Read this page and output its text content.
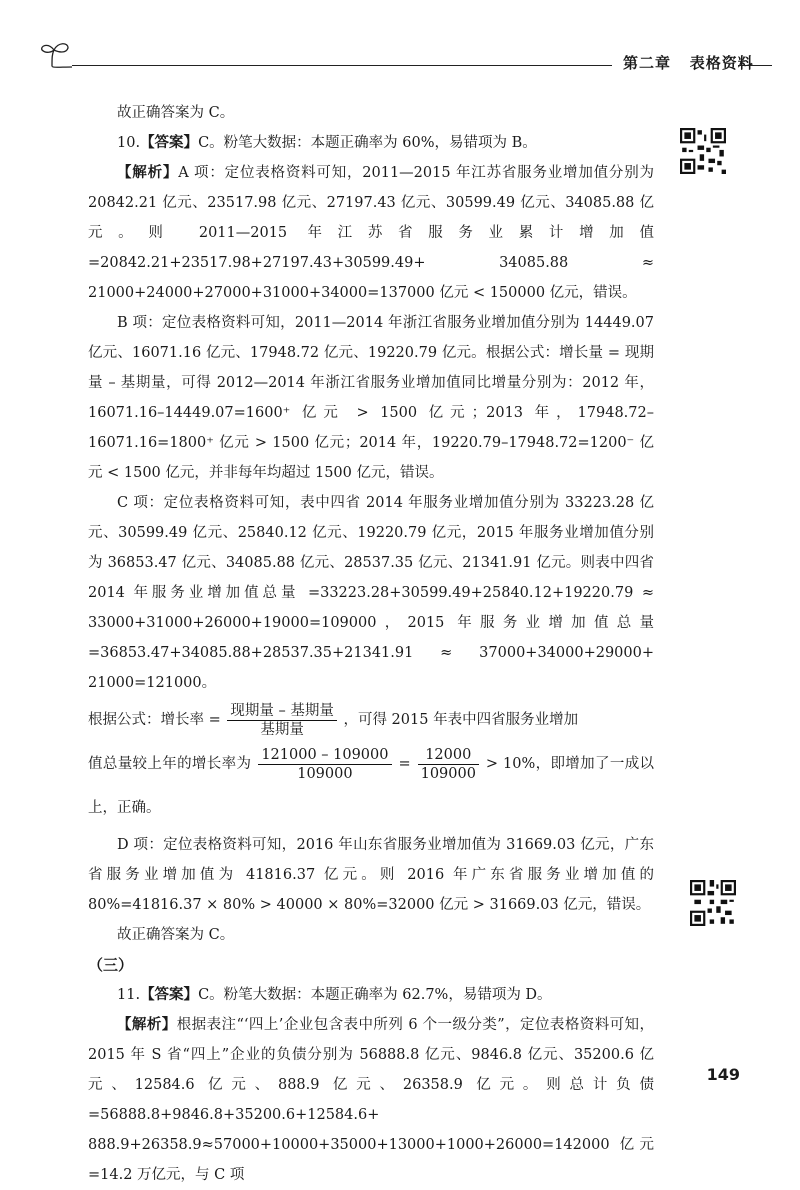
第二章 表格资料

故正确答案为 C。

10.【答案】C。粉笔大数据：本题正确率为 60%，易错项为 B。

【解析】A 项：定位表格资料可知，2011—2015 年江苏省服务业增加值分别为 20842.21 亿元、23517.98 亿元、27197.43 亿元、30599.49 亿元、34085.88 亿元。则 2011—2015 年江苏省服务业累计增加值 =20842.21+23517.98+27197.43+30599.49+ 34085.88 ≈ 21000+24000+27000+31000+34000=137000 亿元 < 150000 亿元，错误。

B 项：定位表格资料可知，2011—2014 年浙江省服务业增加值分别为 14449.07 亿元、16071.16 亿元、17948.72 亿元、19220.79 亿元。根据公式：增长量 = 现期量 – 基期量，可得 2012—2014 年浙江省服务业增加值同比增量分别为：2012 年，16071.16–14449.07=1600⁺ 亿元 > 1500 亿元；2013 年，17948.72–16071.16=1800⁺ 亿元 > 1500 亿元；2014 年，19220.79–17948.72=1200⁻ 亿元 < 1500 亿元，并非每年均超过 1500 亿元，错误。

C 项：定位表格资料可知，表中四省 2014 年服务业增加值分别为 33223.28 亿元、30599.49 亿元、25840.12 亿元、19220.79 亿元，2015 年服务业增加值分别为 36853.47 亿元、34085.88 亿元、28537.35 亿元、21341.91 亿元。则表中四省 2014 年服务业增加值总量 =33223.28+30599.49+25840.12+19220.79 ≈ 33000+31000+26000+19000=109000，2015 年服务业增加值总量 =36853.47+34085.88+28537.35+21341.91 ≈ 37000+34000+29000+ 21000=121000。

根据公式：增长率 = $\frac{\text{现期量 – 基期量}}{\text{基期量}}$ ，可得 2015 年表中四省服务业增加

值总量较上年的增长率为 $\frac{121000 - 109000}{109000} = \frac{12000}{109000} > 10\%$，即增加了一成以上，正确。

D 项：定位表格资料可知，2016 年山东省服务业增加值为 31669.03 亿元，广东省服务业增加值为 41816.37 亿元。则 2016 年广东省服务业增加值的 80%=41816.37 × 80% > 40000 × 80%=32000 亿元 > 31669.03 亿元，错误。

故正确答案为 C。

（三）

11.【答案】C。粉笔大数据：本题正确率为 62.7%，易错项为 D。

【解析】根据表注“‘四上’企业包含表中所列 6 个一级分类”，定位表格资料可知，2015 年 S 省“四上”企业的负债分别为 56888.8 亿元、9846.8 亿元、35200.6 亿元、12584.6 亿元、888.9 亿元、26358.9 亿元。则总计负债 =56888.8+9846.8+35200.6+12584.6+ 888.9+26358.9≈57000+10000+35000+13000+1000+26000=142000 亿元 =14.2 万亿元，与 C 项

149
